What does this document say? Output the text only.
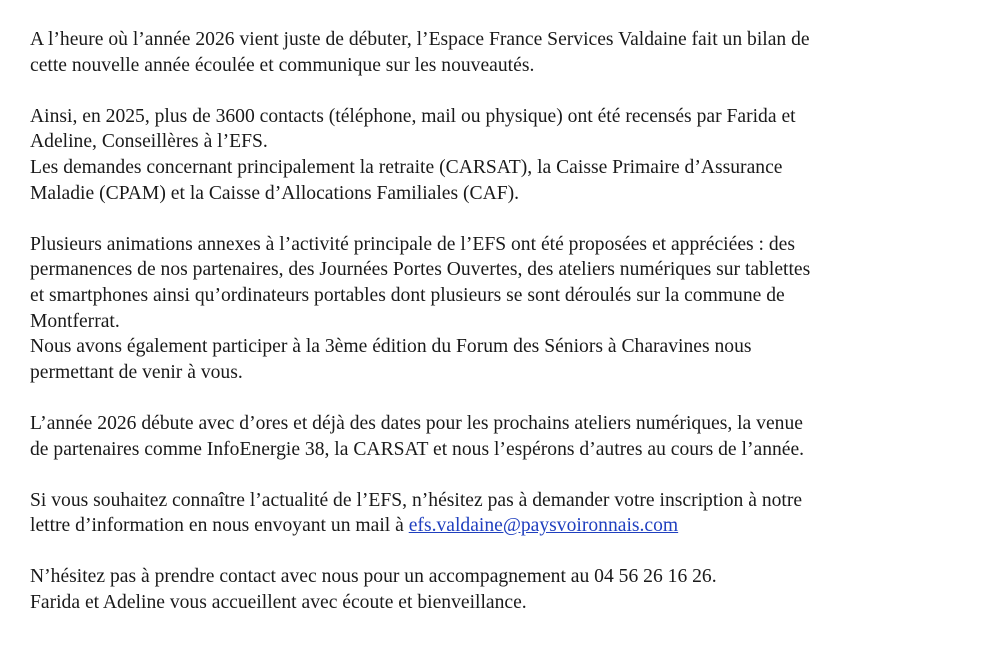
A l’heure où l’année 2026 vient juste de débuter, l’Espace France Services Valdaine fait un bilan de
cette nouvelle année écoulée et communique sur les nouveautés.
Ainsi, en 2025, plus de 3600 contacts (téléphone, mail ou physique) ont été recensés par Farida et
Adeline, Conseillères à l’EFS.
Les demandes concernant principalement la retraite (CARSAT), la Caisse Primaire d’Assurance
Maladie (CPAM) et la Caisse d’Allocations Familiales (CAF).
Plusieurs animations annexes à l’activité principale de l’EFS ont été proposées et appréciées : des
permanences de nos partenaires, des Journées Portes Ouvertes, des ateliers numériques sur tablettes
et smartphones ainsi qu’ordinateurs portables dont plusieurs se sont déroulés sur la commune de
Montferrat.
Nous avons également participer à la 3ème édition du Forum des Séniors à Charavines nous
permettant de venir à vous.
L’année 2026 débute avec d’ores et déjà des dates pour les prochains ateliers numériques, la venue
de partenaires comme InfoEnergie 38, la CARSAT et nous l’espérons d’autres au cours de l’année.
Si vous souhaitez connaître l’actualité de l’EFS, n’hésitez pas à demander votre inscription à notre
lettre d’information en nous envoyant un mail à efs.valdaine@paysvoironnais.com
N’hésitez pas à prendre contact avec nous pour un accompagnement au 04 56 26 16 26.
Farida et Adeline vous accueillent avec écoute et bienveillance.
